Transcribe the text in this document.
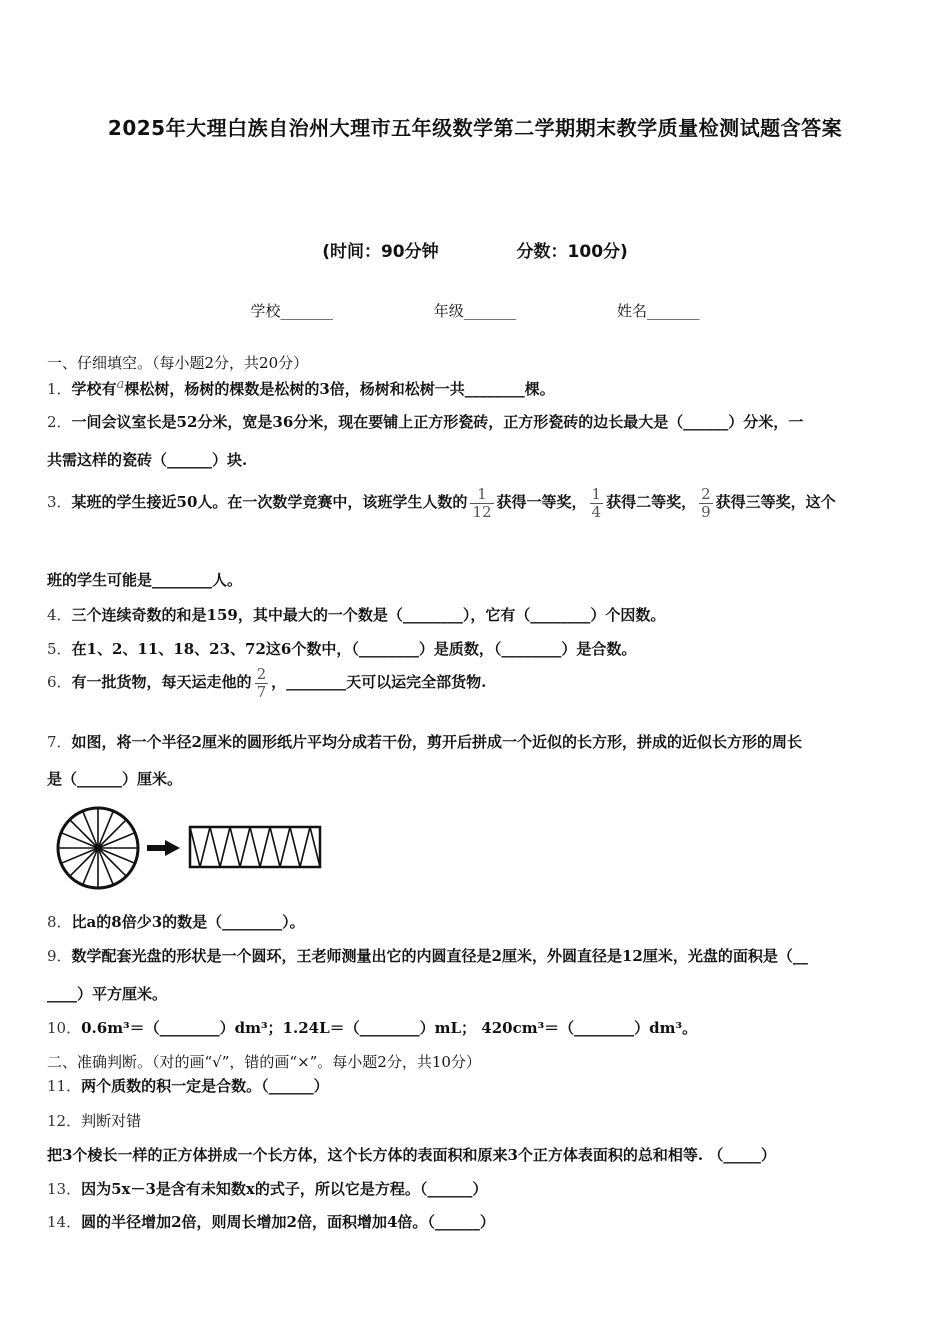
2025年大理白族自治州大理市五年级数学第二学期期末教学质量检测试题含答案
(时间：90分钟	分数：100分)
学校_______	年级_______	姓名_______
一、仔细填空。（每小题2分，共20分）
1．学校有a棵松树，杨树的棵数是松树的3倍，杨树和松树一共________棵。
2．一间会议室长是52分米，宽是36分米，现在要铺上正方形瓷砖，正方形瓷砖的边长最大是（______）分米，一
共需这样的瓷砖（______）块.
3．某班的学生接近50人。在一次数学竞赛中，该班学生人数的 $\frac{1}{12}$ 获得一等奖， $\frac{1}{4}$ 获得二等奖， $\frac{2}{9}$ 获得三等奖，这个
班的学生可能是________人。
4．三个连续奇数的和是159，其中最大的一个数是（________），它有（________）个因数。
5．在1、2、11、18、23、72这6个数中，（________）是质数，（________）是合数。
6．有一批货物，每天运走他的 $\frac{2}{7}$ ，________天可以运完全部货物.
7．如图，将一个半径2厘米的圆形纸片平均分成若干份，剪开后拼成一个近似的长方形，拼成的近似长方形的周长
是（______）厘米。
8．比a的8倍少3的数是（________）。
9．数学配套光盘的形状是一个圆环，王老师测量出它的内圆直径是2厘米，外圆直径是12厘米，光盘的面积是（__
____）平方厘米。
10．0.6m³＝（________）dm³；1.24L＝（________）mL； 420cm³＝（________）dm³。
二、准确判断。（对的画“√”，错的画“×”。每小题2分，共10分）
11．两个质数的积一定是合数。（______）
12．判断对错
把3个棱长一样的正方体拼成一个长方体，这个长方体的表面积和原来3个正方体表面积的总和相等. （_____）
13．因为5x－3是含有未知数x的式子，所以它是方程。（______）
14．圆的半径增加2倍，则周长增加2倍，面积增加4倍。（______）
